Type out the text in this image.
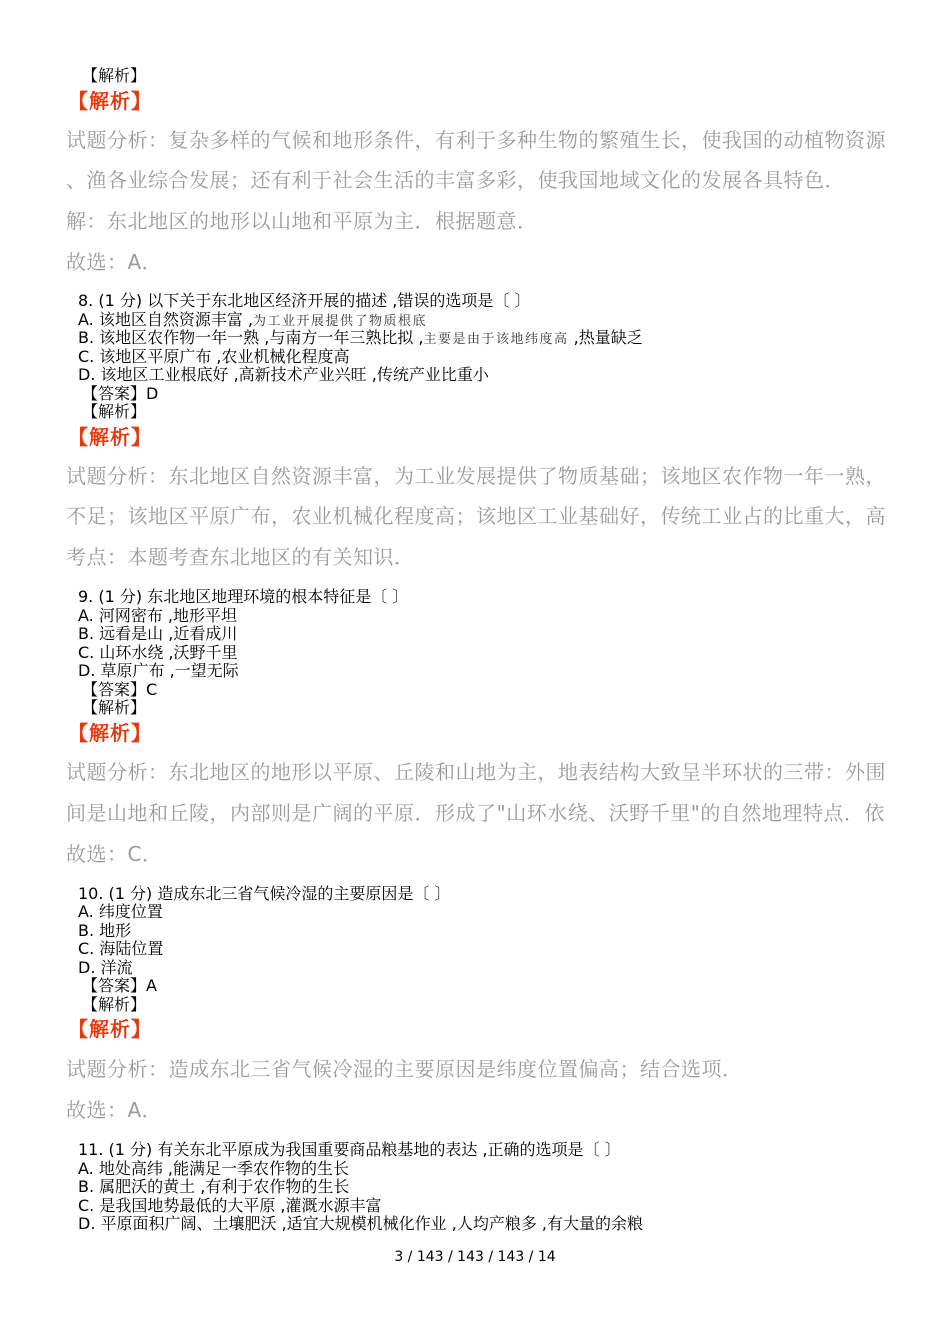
【解析】
【解析】
试题分析：复杂多样的气候和地形条件，有利于多种生物的繁殖生长，使我国的动植物资源
、渔各业综合发展；还有利于社会生活的丰富多彩，使我国地域文化的发展各具特色．
解：东北地区的地形以山地和平原为主．根据题意．
故选：A．
8. (1 分) 以下关于东北地区经济开展的描述 ,错误的选项是〔 〕
A. 该地区自然资源丰富 ,为工业开展提供了物质根底
B. 该地区农作物一年一熟 ,与南方一年三熟比拟 ,主要是由于该地纬度高 ,热量缺乏
C. 该地区平原广布 ,农业机械化程度高
D. 该地区工业根底好 ,高新技术产业兴旺 ,传统产业比重小
【答案】D
【解析】
【解析】
试题分析：东北地区自然资源丰富，为工业发展提供了物质基础；该地区农作物一年一熟，
不足；该地区平原广布，农业机械化程度高；该地区工业基础好，传统工业占的比重大，高
考点：本题考查东北地区的有关知识．
9. (1 分) 东北地区地理环境的根本特征是〔 〕
A. 河网密布 ,地形平坦
B. 远看是山 ,近看成川
C. 山环水绕 ,沃野千里
D. 草原广布 ,一望无际
【答案】C
【解析】
【解析】
试题分析：东北地区的地形以平原、丘陵和山地为主，地表结构大致呈半环状的三带：外围
间是山地和丘陵，内部则是广阔的平原．形成了"山环水绕、沃野千里"的自然地理特点．依
故选：C．
10. (1 分) 造成东北三省气候冷湿的主要原因是〔 〕
A. 纬度位置
B. 地形
C. 海陆位置
D. 洋流
【答案】A
【解析】
【解析】
试题分析：造成东北三省气候冷湿的主要原因是纬度位置偏高；结合选项．
故选：A．
11. (1 分) 有关东北平原成为我国重要商品粮基地的表达 ,正确的选项是〔 〕
A. 地处高纬 ,能满足一季农作物的生长
B. 属肥沃的黄土 ,有利于农作物的生长
C. 是我国地势最低的大平原 ,灌溉水源丰富
D. 平原面积广阔、土壤肥沃 ,适宜大规模机械化作业 ,人均产粮多 ,有大量的余粮
3 / 143 / 143 / 143 / 14
